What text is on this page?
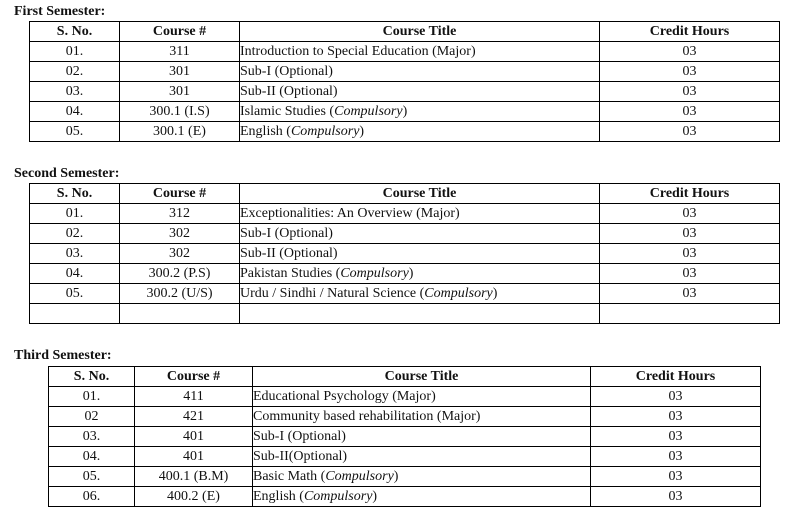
First Semester:
S. No.	Course #	Course Title	Credit Hours
01.	311	Introduction to Special Education (Major)	03
02.	301	Sub-I (Optional)	03
03.	301	Sub-II (Optional)	03
04.	300.1 (I.S)	Islamic Studies (Compulsory)	03
05.	300.1 (E)	English (Compulsory)	03
Second Semester:
S. No.	Course #	Course Title	Credit Hours
01.	312	Exceptionalities: An Overview (Major)	03
02.	302	Sub-I (Optional)	03
03.	302	Sub-II (Optional)	03
04.	300.2 (P.S)	Pakistan Studies (Compulsory)	03
05.	300.2 (U/S)	Urdu / Sindhi / Natural Science (Compulsory)	03

Third Semester:
S. No.	Course #	Course Title	Credit Hours
01.	411	Educational Psychology (Major)	03
02	421	Community based rehabilitation (Major)	03
03.	401	Sub-I (Optional)	03
04.	401	Sub-II(Optional)	03
05.	400.1 (B.M)	Basic Math (Compulsory)	03
06.	400.2 (E)	English (Compulsory)	03
